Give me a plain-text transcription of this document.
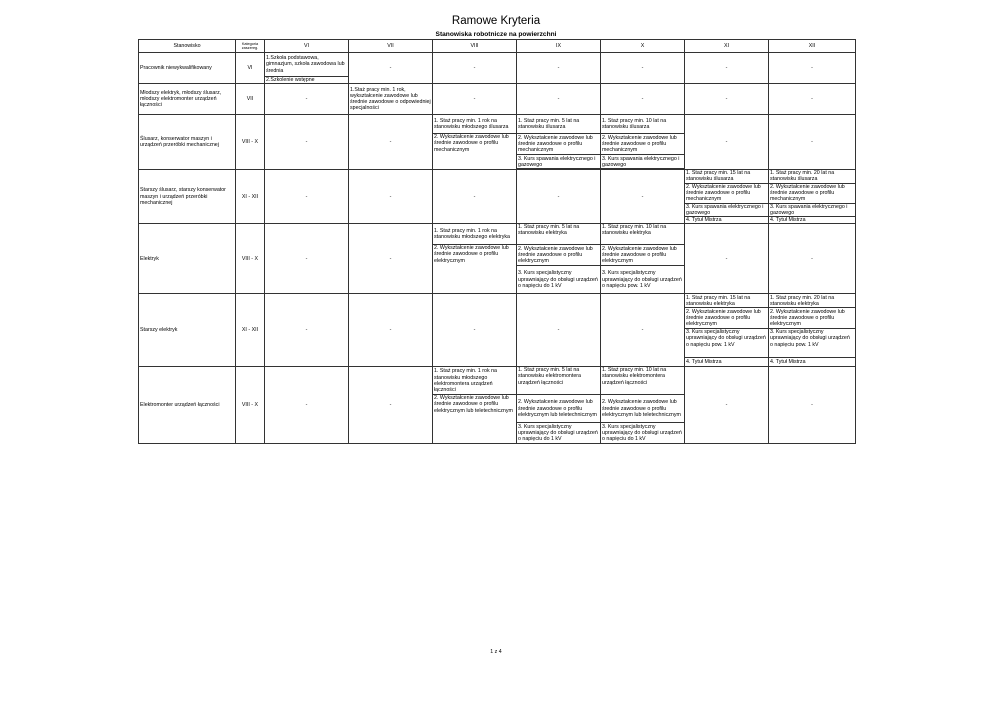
Ramowe Kryteria
Stanowiska robotnicze na powierzchni
Stanowisko	Kategoria zaszereg.	VI	VII	VIII	IX	X	XI	XII
Pracownik niewykwalifikowany	VI	1.Szkoła podstawowa, gimnazjum, szkoła zawodowa lub średnia	-	-	-	-	-	-
		2.Szkolenie wstępne						
Młodszy elektryk, młodszy ślusarz, młodszy elektromonter urządzeń łączności	VII	-	1.Staż pracy min. 1 rok, wykształcenie zawodowe lub średnie zawodowe o odpowiedniej specjalności	-	-	-	-	-
Ślusarz, konserwator maszyn i urządzeń przeróbki mechanicznej	VIII - X	-	-	1. Staż pracy min. 1 rok na stanowisku młodszego ślusarza	1. Staż pracy min. 5 lat na stanowisku ślusarza	1. Staż pracy min. 10 lat na stanowisku ślusarza	-	-
				2. Wykształcenie zawodowe lub średnie zawodowe o profilu mechanicznym	2. Wykształcenie zawodowe lub średnie zawodowe o profilu mechanicznym	2. Wykształcenie zawodowe lub średnie zawodowe o profilu mechanicznym		
					3. Kurs spawania elektrycznego i gazowego	3. Kurs spawania elektrycznego i gazowego		

Starszy ślusarz, starszy konserwator maszyn i urządzeń przeróbki mechanicznej	XI - XII	-	-	-	-	-	1. Staż pracy min. 15 lat na stanowisku ślusarza	1. Staż pracy min. 20 lat na stanowisku ślusarza
							2. Wykształcenie zawodowe lub średnie zawodowe o profilu mechanicznym	2. Wykształcenie zawodowe lub średnie zawodowe o profilu mechanicznym
							3. Kurs spawania elektrycznego i gazowego	3. Kurs spawania elektrycznego i gazowego
							4. Tytuł Mistrza	4. Tytuł Mistrza
Elektryk	VIII - X	-	-	1. Staż pracy min. 1 rok na stanowisku młodszego elektryka	1. Staż pracy min. 5 lat na stanowisku elektryka	1. Staż pracy min. 10 lat na stanowisku elektryka	-	-
				2. Wykształcenie zawodowe lub średnie zawodowe o profilu elektrycznym	2. Wykształcenie zawodowe lub średnie zawodowe o profilu elektrycznym	2. Wykształcenie zawodowe lub średnie zawodowe o profilu elektrycznym		
					3. Kurs specjalistyczny uprawniający do obsługi urządzeń o napięciu do 1 kV	3. Kurs specjalistyczny uprawniający do obsługi urządzeń o napięciu pow. 1 kV		
Starszy elektryk	XI - XII	-	-	-	-	-	1. Staż pracy min. 15 lat na stanowisku elektryka	1. Staż pracy min. 20 lat na stanowisku elektryka
							2. Wykształcenie zawodowe lub średnie zawodowe o profilu elektrycznym	2. Wykształcenie zawodowe lub średnie zawodowe o profilu elektrycznym
							3. Kurs specjalistyczny uprawniający do obsługi urządzeń o napięciu pow. 1 kV	3. Kurs specjalistyczny uprawniający do obsługi urządzeń o napięciu pow. 1 kV
							4. Tytuł Mistrza	4. Tytuł Mistrza
Elektromonter urządzeń łączności	VIII - X	-	-	1. Staż pracy min. 1 rok na stanowisku młodszego elektromontera urządzeń łączności	1. Staż pracy min. 5 lat na stanowisku elektromontera urządzeń łączności	1. Staż pracy min. 10 lat na stanowisku elektromontera urządzeń łączności	-	-
				2. Wykształcenie zawodowe lub średnie zawodowe o profilu elektrycznym lub teletechnicznym	2. Wykształcenie zawodowe lub średnie zawodowe o profilu elektrycznym lub teletechnicznym	2. Wykształcenie zawodowe lub średnie zawodowe o profilu elektrycznym lub teletechnicznym		
					3. Kurs specjalistyczny uprawniający do obsługi urządzeń o napięciu do 1 kV	3. Kurs specjalistyczny uprawniający do obsługi urządzeń o napięciu do 1 kV		
1 z 4
